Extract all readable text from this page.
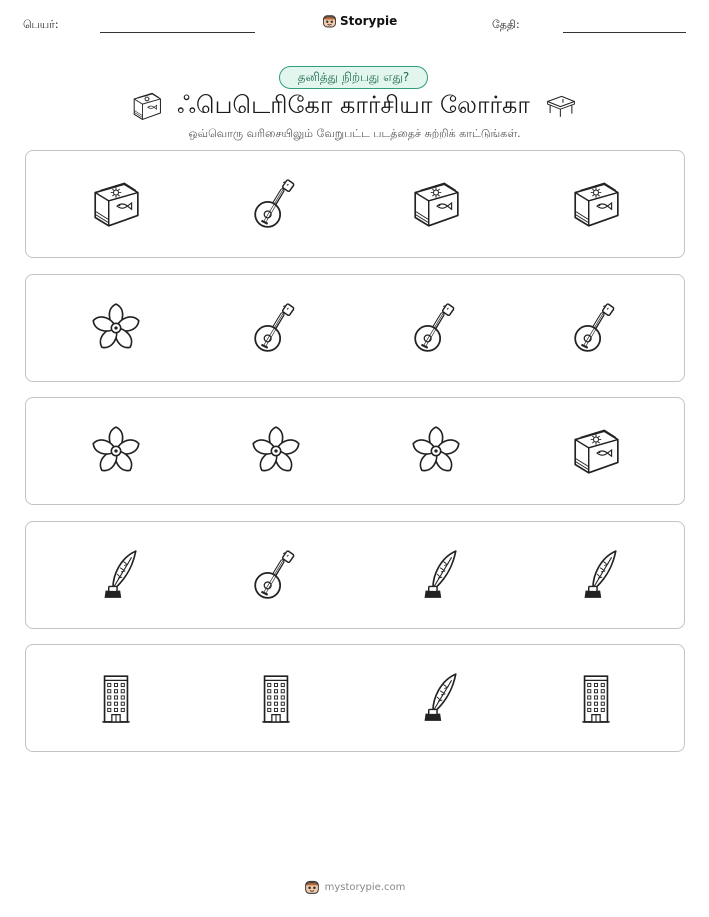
பெயர்:	Storypie	தேதி:
தனித்து நிற்பது எது?
ஃபெடெரிகோ கார்சியா லோர்கா
ஒவ்வொரு வரிசையிலும் வேறுபட்ட படத்தைச் சுற்றிக் காட்டுங்கள்.
mystorypie.com
